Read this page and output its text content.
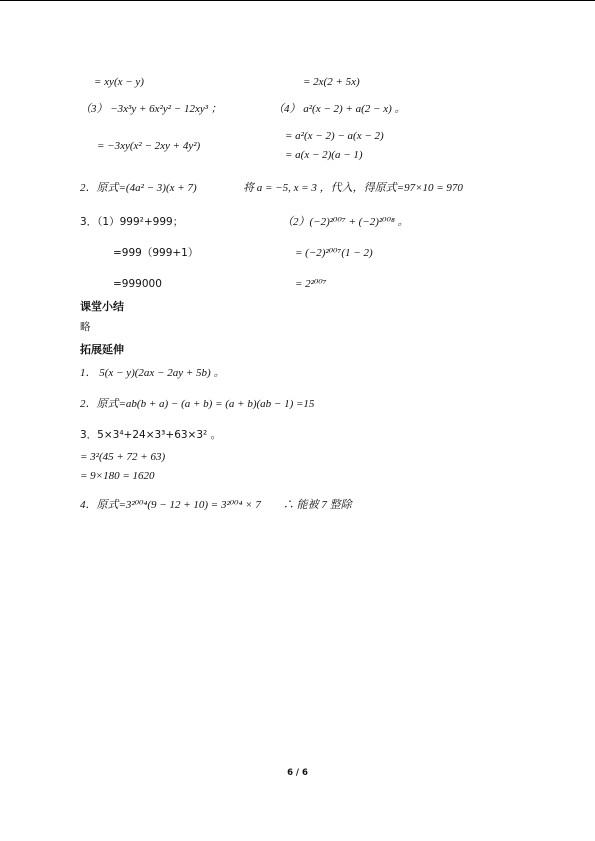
= xy(x − y)	= 2x(2 + 5x)
（3） −3x³y + 6x²y² − 12xy³ ；	（4） a²(x − 2) + a(2 − x) 。
= −3xy(x² − 2xy + 4y²)
= a²(x − 2) − a(x − 2)
= a(x − 2)(a − 1)
2．原式=(4a² − 3)(x + 7)	将 a = −5, x = 3 ，代入，得原式=97×10 = 970
3．（1）999²+999；	（2）(−2)²⁰⁰⁷ + (−2)²⁰⁰⁸ 。
=999（999+1）	= (−2)²⁰⁰⁷(1 − 2)
=999000	= 2²⁰⁰⁷
课堂小结
略
拓展延伸
1． 5(x − y)(2ax − 2ay + 5b) 。
2．原式=ab(b + a) − (a + b) = (a + b)(ab − 1) =15
3．5×3⁴+24×3³+63×3² 。
= 3²(45 + 72 + 63)
= 9×180 = 1620
4．原式=3²⁰⁰⁴(9 − 12 + 10) = 3²⁰⁰⁴ × 7　　∴ 能被 7 整除
6 / 6
